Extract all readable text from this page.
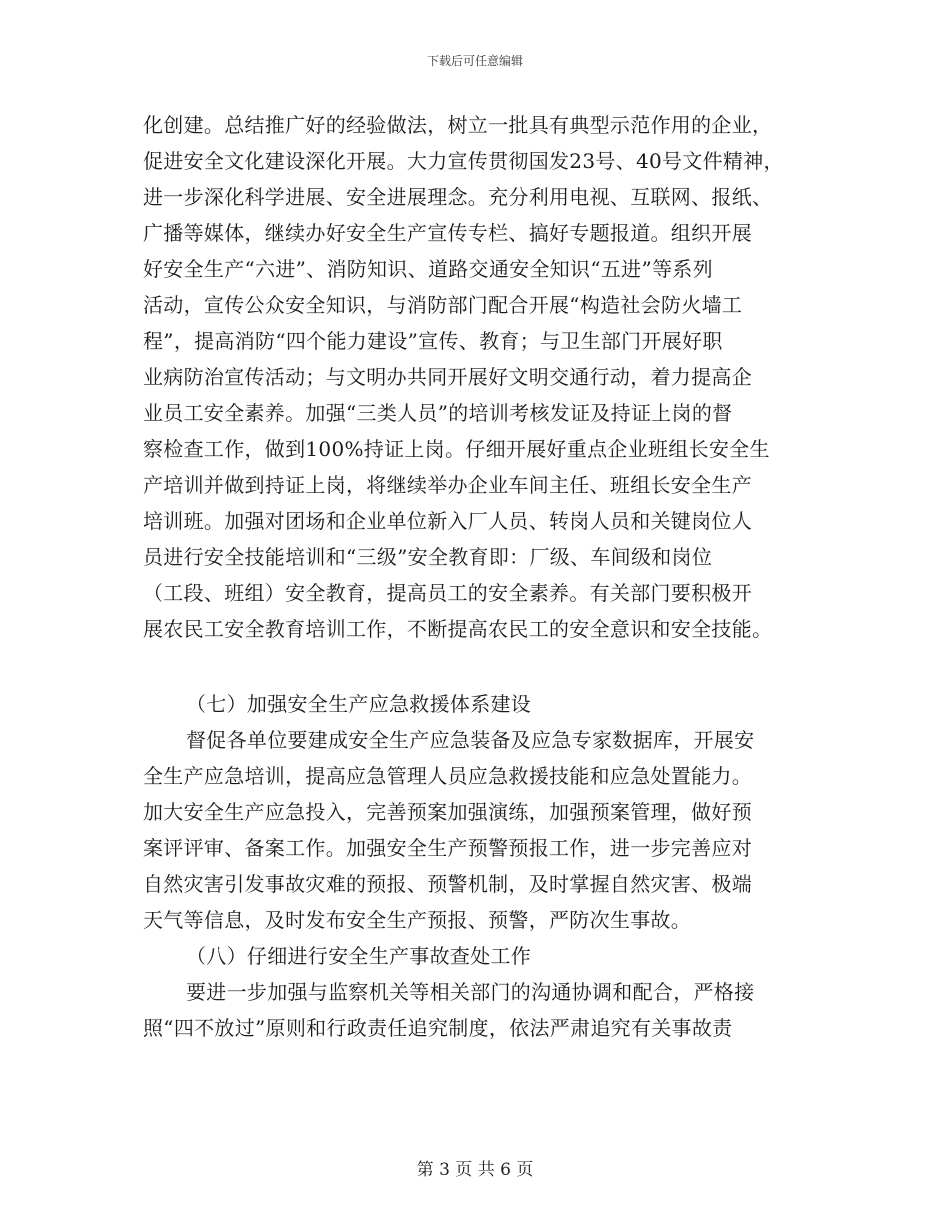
下载后可任意编辑
化创建。总结推广好的经验做法，树立一批具有典型示范作用的企业，
促进安全文化建设深化开展。大力宣传贯彻国发23号、40号文件精神，
进一步深化科学进展、安全进展理念。充分利用电视、互联网、报纸、
广播等媒体，继续办好安全生产宣传专栏、搞好专题报道。组织开展
好安全生产“六进”、消防知识、道路交通安全知识“五进”等系列
活动，宣传公众安全知识，与消防部门配合开展“构造社会防火墙工
程”，提高消防“四个能力建设”宣传、教育；与卫生部门开展好职
业病防治宣传活动；与文明办共同开展好文明交通行动，着力提高企
业员工安全素养。加强“三类人员”的培训考核发证及持证上岗的督
察检查工作，做到100%持证上岗。仔细开展好重点企业班组长安全生
产培训并做到持证上岗，将继续举办企业车间主任、班组长安全生产
培训班。加强对团场和企业单位新入厂人员、转岗人员和关键岗位人
员进行安全技能培训和“三级”安全教育即：厂级、车间级和岗位
（工段、班组）安全教育，提高员工的安全素养。有关部门要积极开
展农民工安全教育培训工作，不断提高农民工的安全意识和安全技能。
（七）加强安全生产应急救援体系建设
督促各单位要建成安全生产应急装备及应急专家数据库，开展安
全生产应急培训，提高应急管理人员应急救援技能和应急处置能力。
加大安全生产应急投入，完善预案加强演练，加强预案管理，做好预
案评评审、备案工作。加强安全生产预警预报工作，进一步完善应对
自然灾害引发事故灾难的预报、预警机制，及时掌握自然灾害、极端
天气等信息，及时发布安全生产预报、预警，严防次生事故。
（八）仔细进行安全生产事故查处工作
要进一步加强与监察机关等相关部门的沟通协调和配合，严格接
照“四不放过”原则和行政责任追究制度，依法严肃追究有关事故责
第 3 页 共 6 页
